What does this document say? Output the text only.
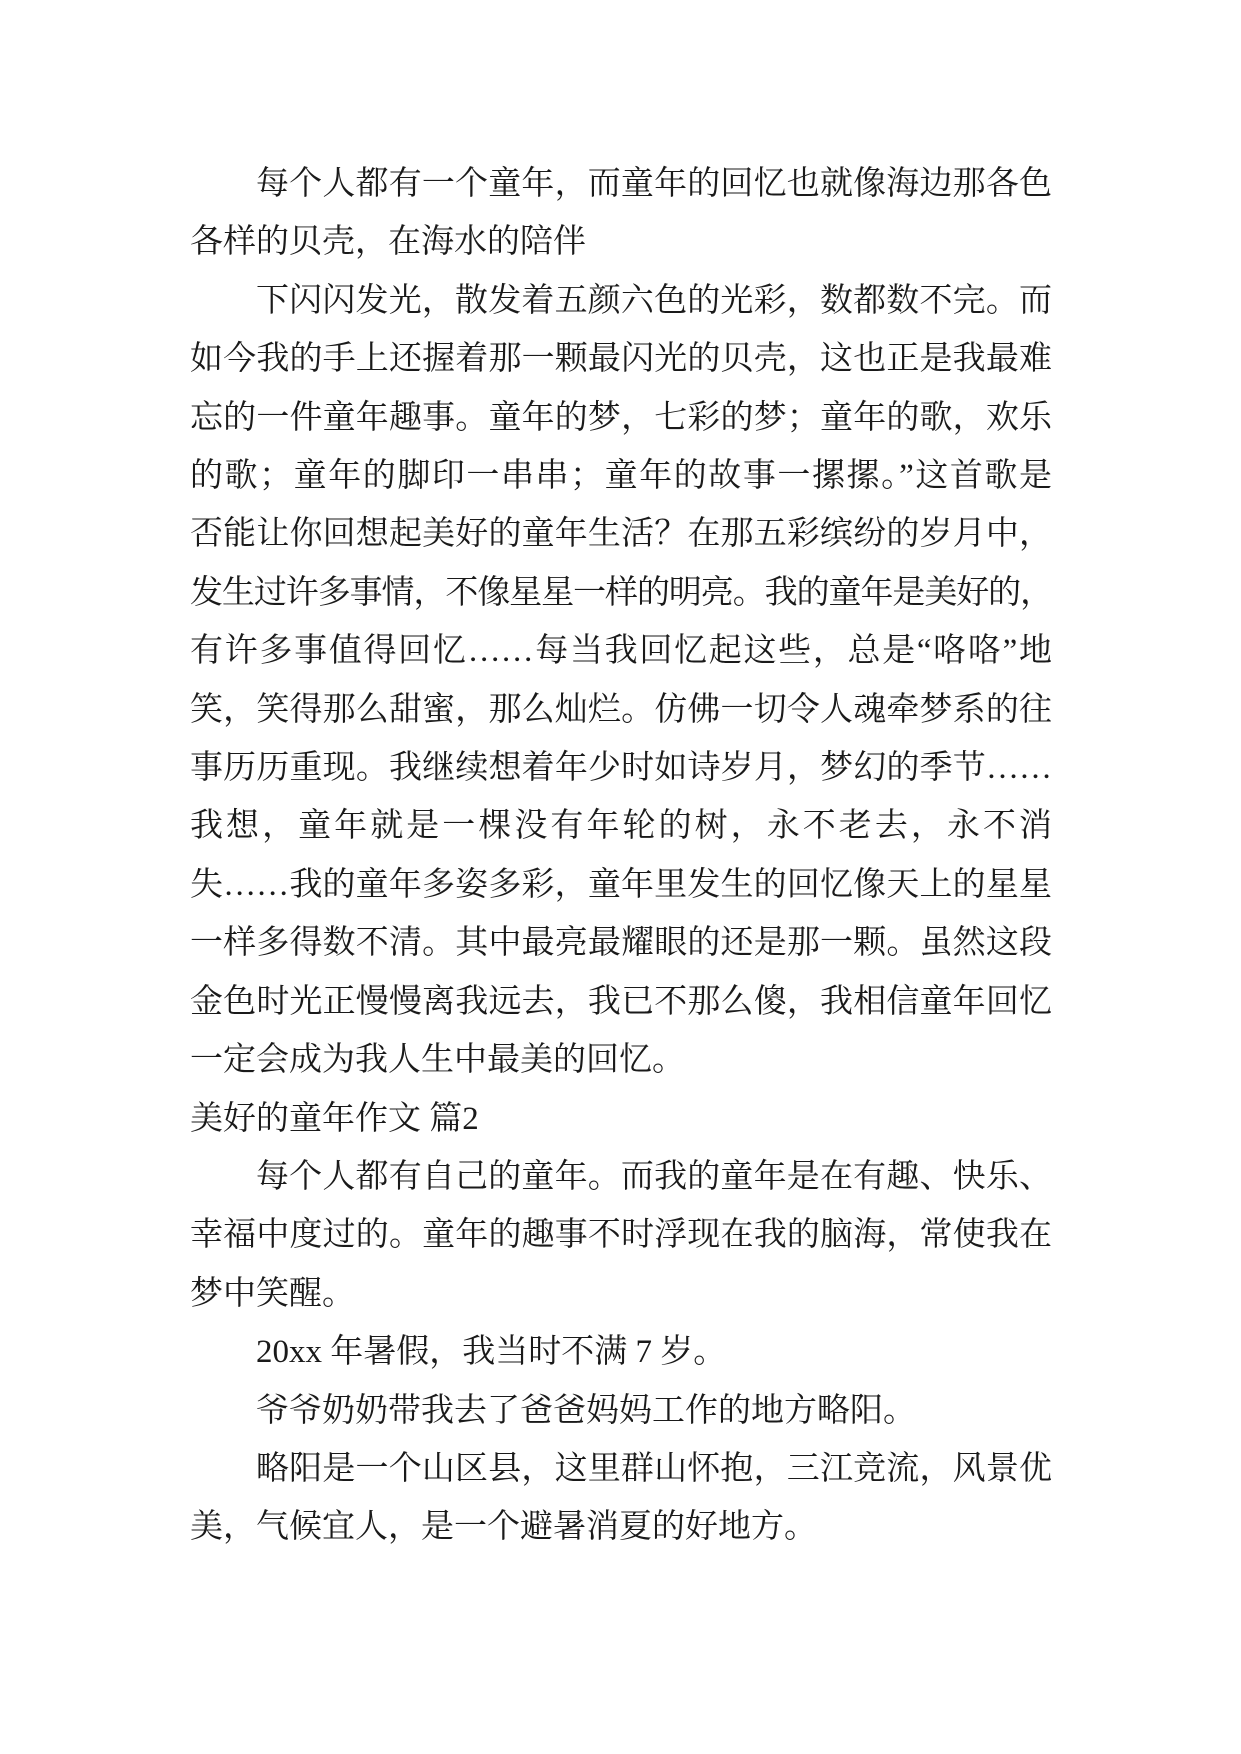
每个人都有一个童年，而童年的回忆也就像海边那各色
各样的贝壳，在海水的陪伴
下闪闪发光，散发着五颜六色的光彩，数都数不完。而
如今我的手上还握着那一颗最闪光的贝壳，这也正是我最难
忘的一件童年趣事。童年的梦，七彩的梦；童年的歌，欢乐
的歌；童年的脚印一串串；童年的故事一摞摞。”这首歌是
否能让你回想起美好的童年生活？在那五彩缤纷的岁月中，
发生过许多事情，不像星星一样的明亮。我的童年是美好的，
有许多事值得回忆……每当我回忆起这些，总是“咯咯”地
笑，笑得那么甜蜜，那么灿烂。仿佛一切令人魂牵梦系的往
事历历重现。我继续想着年少时如诗岁月，梦幻的季节……
我想，童年就是一棵没有年轮的树，永不老去，永不消
失……我的童年多姿多彩，童年里发生的回忆像天上的星星
一样多得数不清。其中最亮最耀眼的还是那一颗。虽然这段
金色时光正慢慢离我远去，我已不那么傻，我相信童年回忆
一定会成为我人生中最美的回忆。
美好的童年作文 篇2
每个人都有自己的童年。而我的童年是在有趣、快乐、
幸福中度过的。童年的趣事不时浮现在我的脑海，常使我在
梦中笑醒。
20xx 年暑假，我当时不满 7 岁。
爷爷奶奶带我去了爸爸妈妈工作的地方略阳。
略阳是一个山区县，这里群山怀抱，三江竞流，风景优
美，气候宜人，是一个避暑消夏的好地方。
